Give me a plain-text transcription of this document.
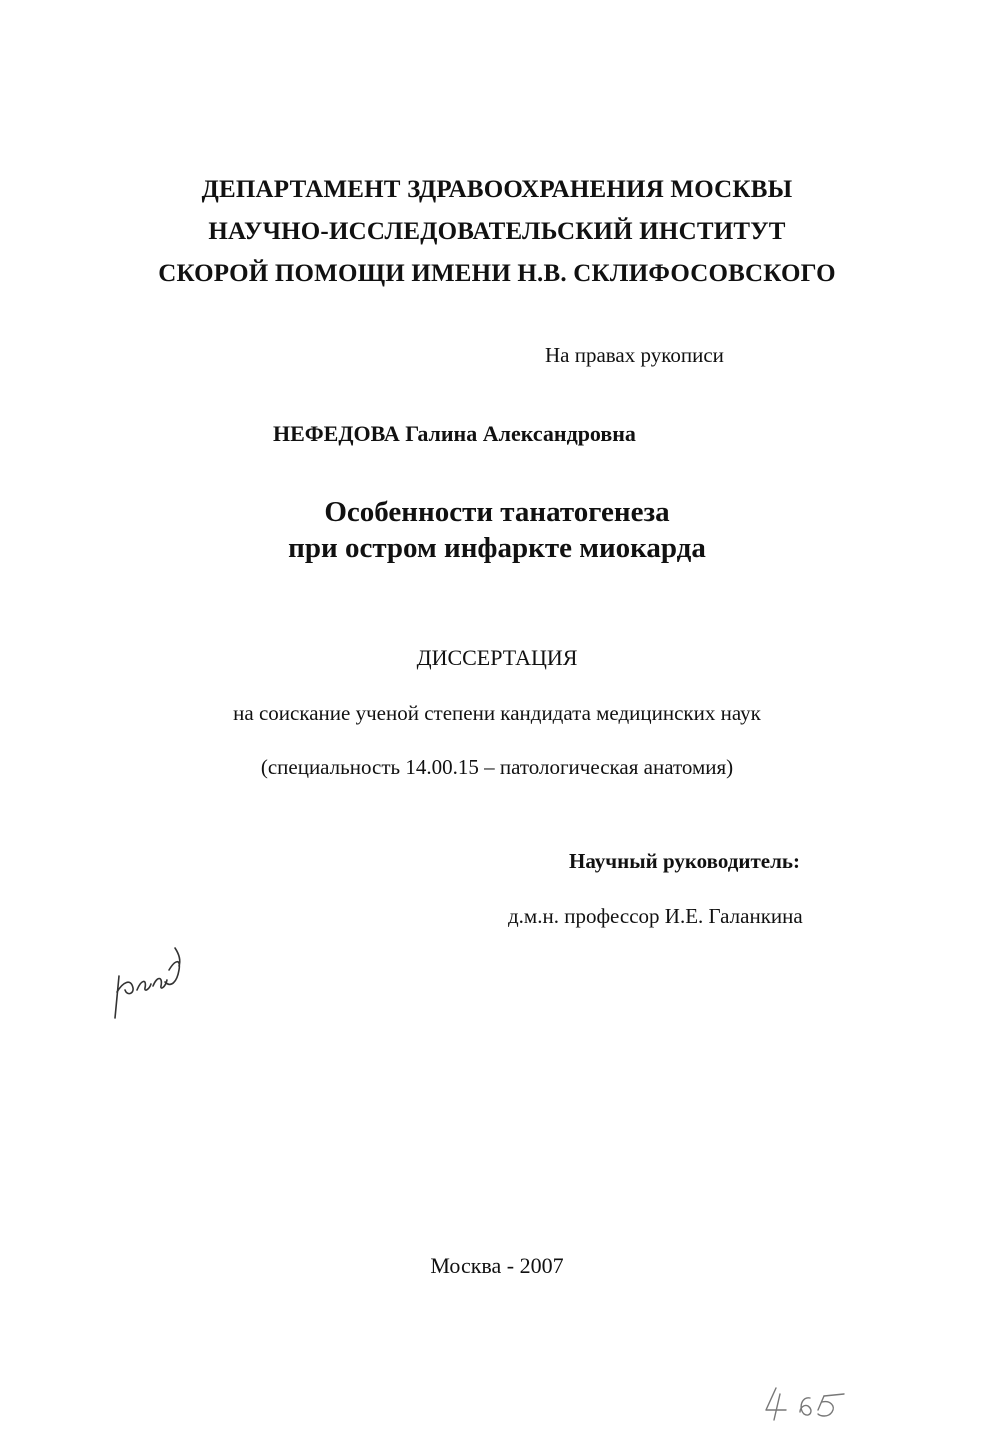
ДЕПАРТАМЕНТ ЗДРАВООХРАНЕНИЯ МОСКВЫ
НАУЧНО-ИССЛЕДОВАТЕЛЬСКИЙ ИНСТИТУТ
СКОРОЙ ПОМОЩИ ИМЕНИ Н.В. СКЛИФОСОВСКОГО
На правах рукописи
НЕФЕДОВА Галина Александровна
Особенности танатогенеза
при остром инфаркте миокарда
ДИССЕРТАЦИЯ
на соискание ученой степени кандидата медицинских наук
(специальность 14.00.15 – патологическая анатомия)
Научный руководитель:
д.м.н. профессор И.Е. Галанкина
Москва - 2007
